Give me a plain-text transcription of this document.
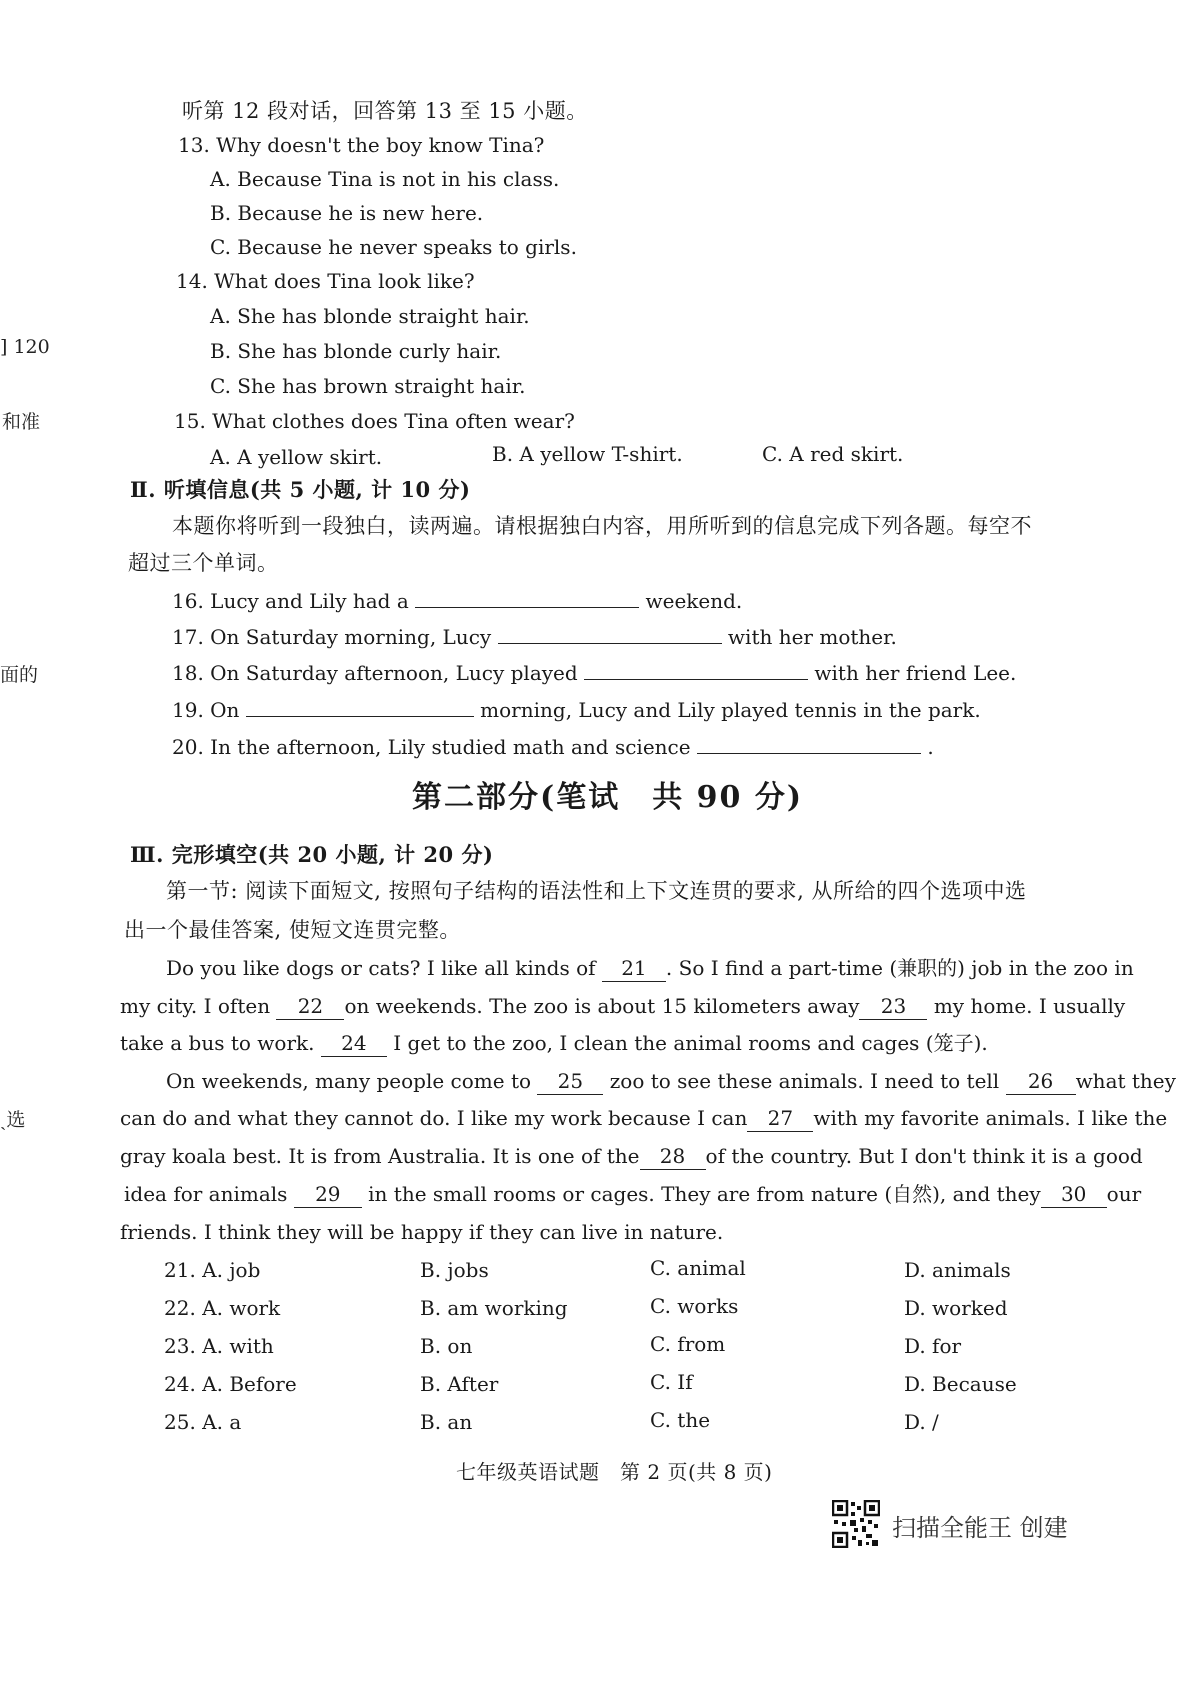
] 120
和准
面的
ˎ选
听第 12 段对话，回答第 13 至 15 小题。
13. Why doesn't the boy know Tina?
A. Because Tina is not in his class.
B. Because he is new here.
C. Because he never speaks to girls.
14. What does Tina look like?
A. She has blonde straight hair.
B. She has blonde curly hair.
C. She has brown straight hair.
15. What clothes does Tina often wear?
A. A yellow skirt.	B. A yellow T-shirt.	C. A red skirt.
Ⅱ. 听填信息(共 5 小题, 计 10 分)
本题你将听到一段独白，读两遍。请根据独白内容，用所听到的信息完成下列各题。每空不
超过三个单词。
16. Lucy and Lily had a	weekend.
17. On Saturday morning, Lucy	with her mother.
18. On Saturday afternoon, Lucy played	with her friend Lee.
19. On	morning, Lucy and Lily played tennis in the park.
20. In the afternoon, Lily studied math and science	.
第二部分(笔试　共 90 分)
Ⅲ. 完形填空(共 20 小题, 计 20 分)
第一节: 阅读下面短文, 按照句子结构的语法性和上下文连贯的要求, 从所给的四个选项中选
出一个最佳答案, 使短文连贯完整。
Do you like dogs or cats? I like all kinds of 21 . So I find a part-time (兼职的) job in the zoo in
my city. I often 22 on weekends. The zoo is about 15 kilometers away 23 my home. I usually
take a bus to work. 24 I get to the zoo, I clean the animal rooms and cages (笼子).
On weekends, many people come to 25 zoo to see these animals. I need to tell 26 what they
can do and what they cannot do. I like my work because I can 27 with my favorite animals. I like the
gray koala best. It is from Australia. It is one of the 28 of the country. But I don't think it is a good
idea for animals 29 in the small rooms or cages. They are from nature (自然), and they 30 our
friends. I think they will be happy if they can live in nature.
21. A. job	B. jobs	C. animal	D. animals
22. A. work	B. am working	C. works	D. worked
23. A. with	B. on	C. from	D. for
24. A. Before	B. After	C. If	D. Because
25. A. a	B. an	C. the	D. /
七年级英语试题　第 2 页(共 8 页)
扫描全能王 创建
